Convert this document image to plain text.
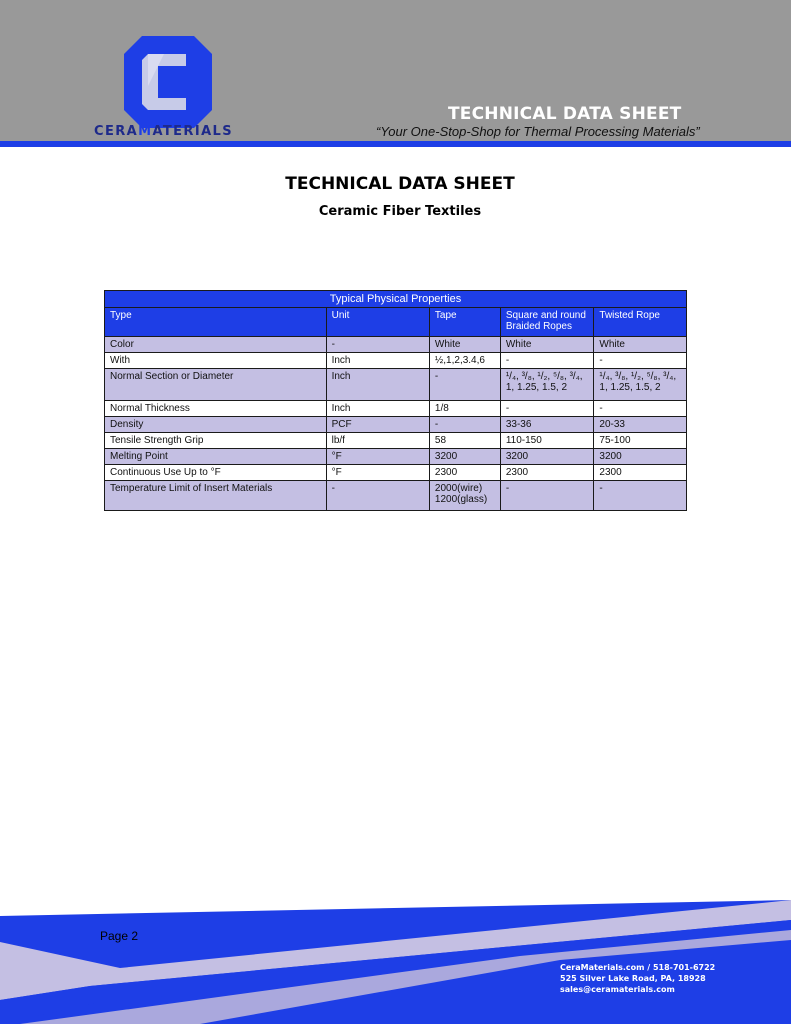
CERAMATERIALS
TECHNICAL DATA SHEET
“Your One-Stop-Shop for Thermal Processing Materials”
TECHNICAL DATA SHEET
Ceramic Fiber Textiles
Typical Physical Properties				
Type	Unit	Tape	Square and round Braided Ropes	Twisted Rope
Color	-	White	White	White
With	Inch	½,1,2,3.4,6	-	-
Normal Section or Diameter	Inch	-	¹/₄, ³/₈, ¹/₂, ⁵/₈, ³/₄, 1, 1.25, 1.5, 2	¹/₄, ³/₈, ¹/₂, ⁵/₈, ³/₄, 1, 1.25, 1.5, 2
Normal Thickness	Inch	1/8	-	-
Density	PCF	-	33-36	20-33
Tensile Strength Grip	lb/f	58	110-150	75-100
Melting Point	°F	3200	3200	3200
Continuous Use Up to °F	°F	2300	2300	2300
Temperature Limit of Insert Materials	-	2000(wire) 1200(glass)	-	-
Page 2
CeraMaterials.com / 518-701-6722
525 Silver Lake Road, PA, 18928
sales@ceramaterials.com
